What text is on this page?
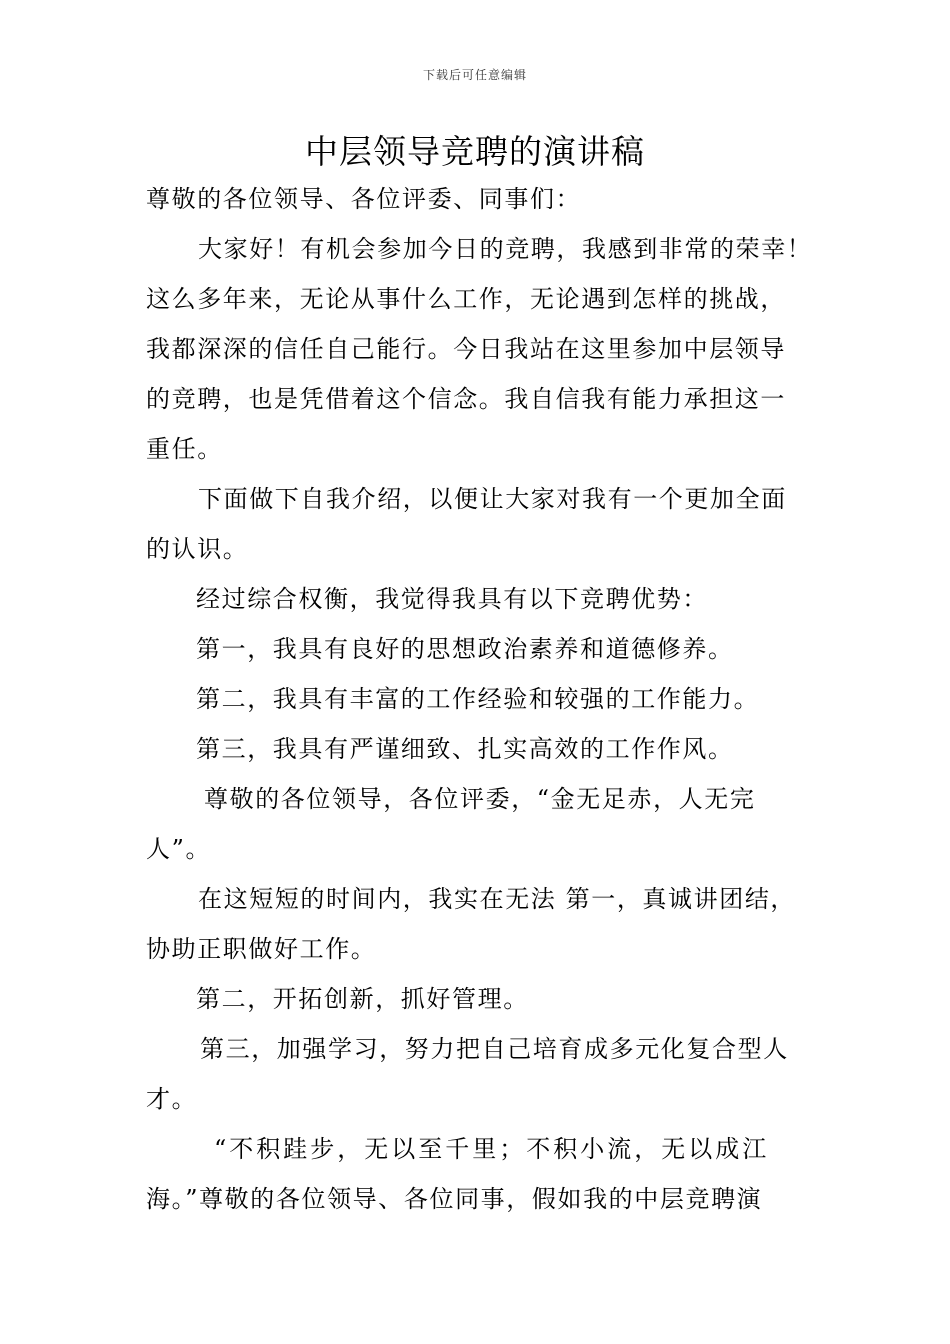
下载后可任意编辑
中层领导竞聘的演讲稿
尊敬的各位领导、各位评委、同事们：
大家好！有机会参加今日的竞聘，我感到非常的荣幸！
这么多年来，无论从事什么工作，无论遇到怎样的挑战，
我都深深的信任自己能行。今日我站在这里参加中层领导
的竞聘，也是凭借着这个信念。我自信我有能力承担这一
重任。
下面做下自我介绍，以便让大家对我有一个更加全面
的认识。
经过综合权衡，我觉得我具有以下竞聘优势：
第一，我具有良好的思想政治素养和道德修养。
第二，我具有丰富的工作经验和较强的工作能力。
第三，我具有严谨细致、扎实高效的工作作风。
尊敬的各位领导，各位评委，“金无足赤，人无完
人”。
在这短短的时间内，我实在无法 第一，真诚讲团结，
协助正职做好工作。
第二，开拓创新，抓好管理。
第三，加强学习，努力把自己培育成多元化复合型人
才。
“不积跬步，无以至千里；不积小流，无以成江
海。”尊敬的各位领导、各位同事，假如我的中层竞聘演
